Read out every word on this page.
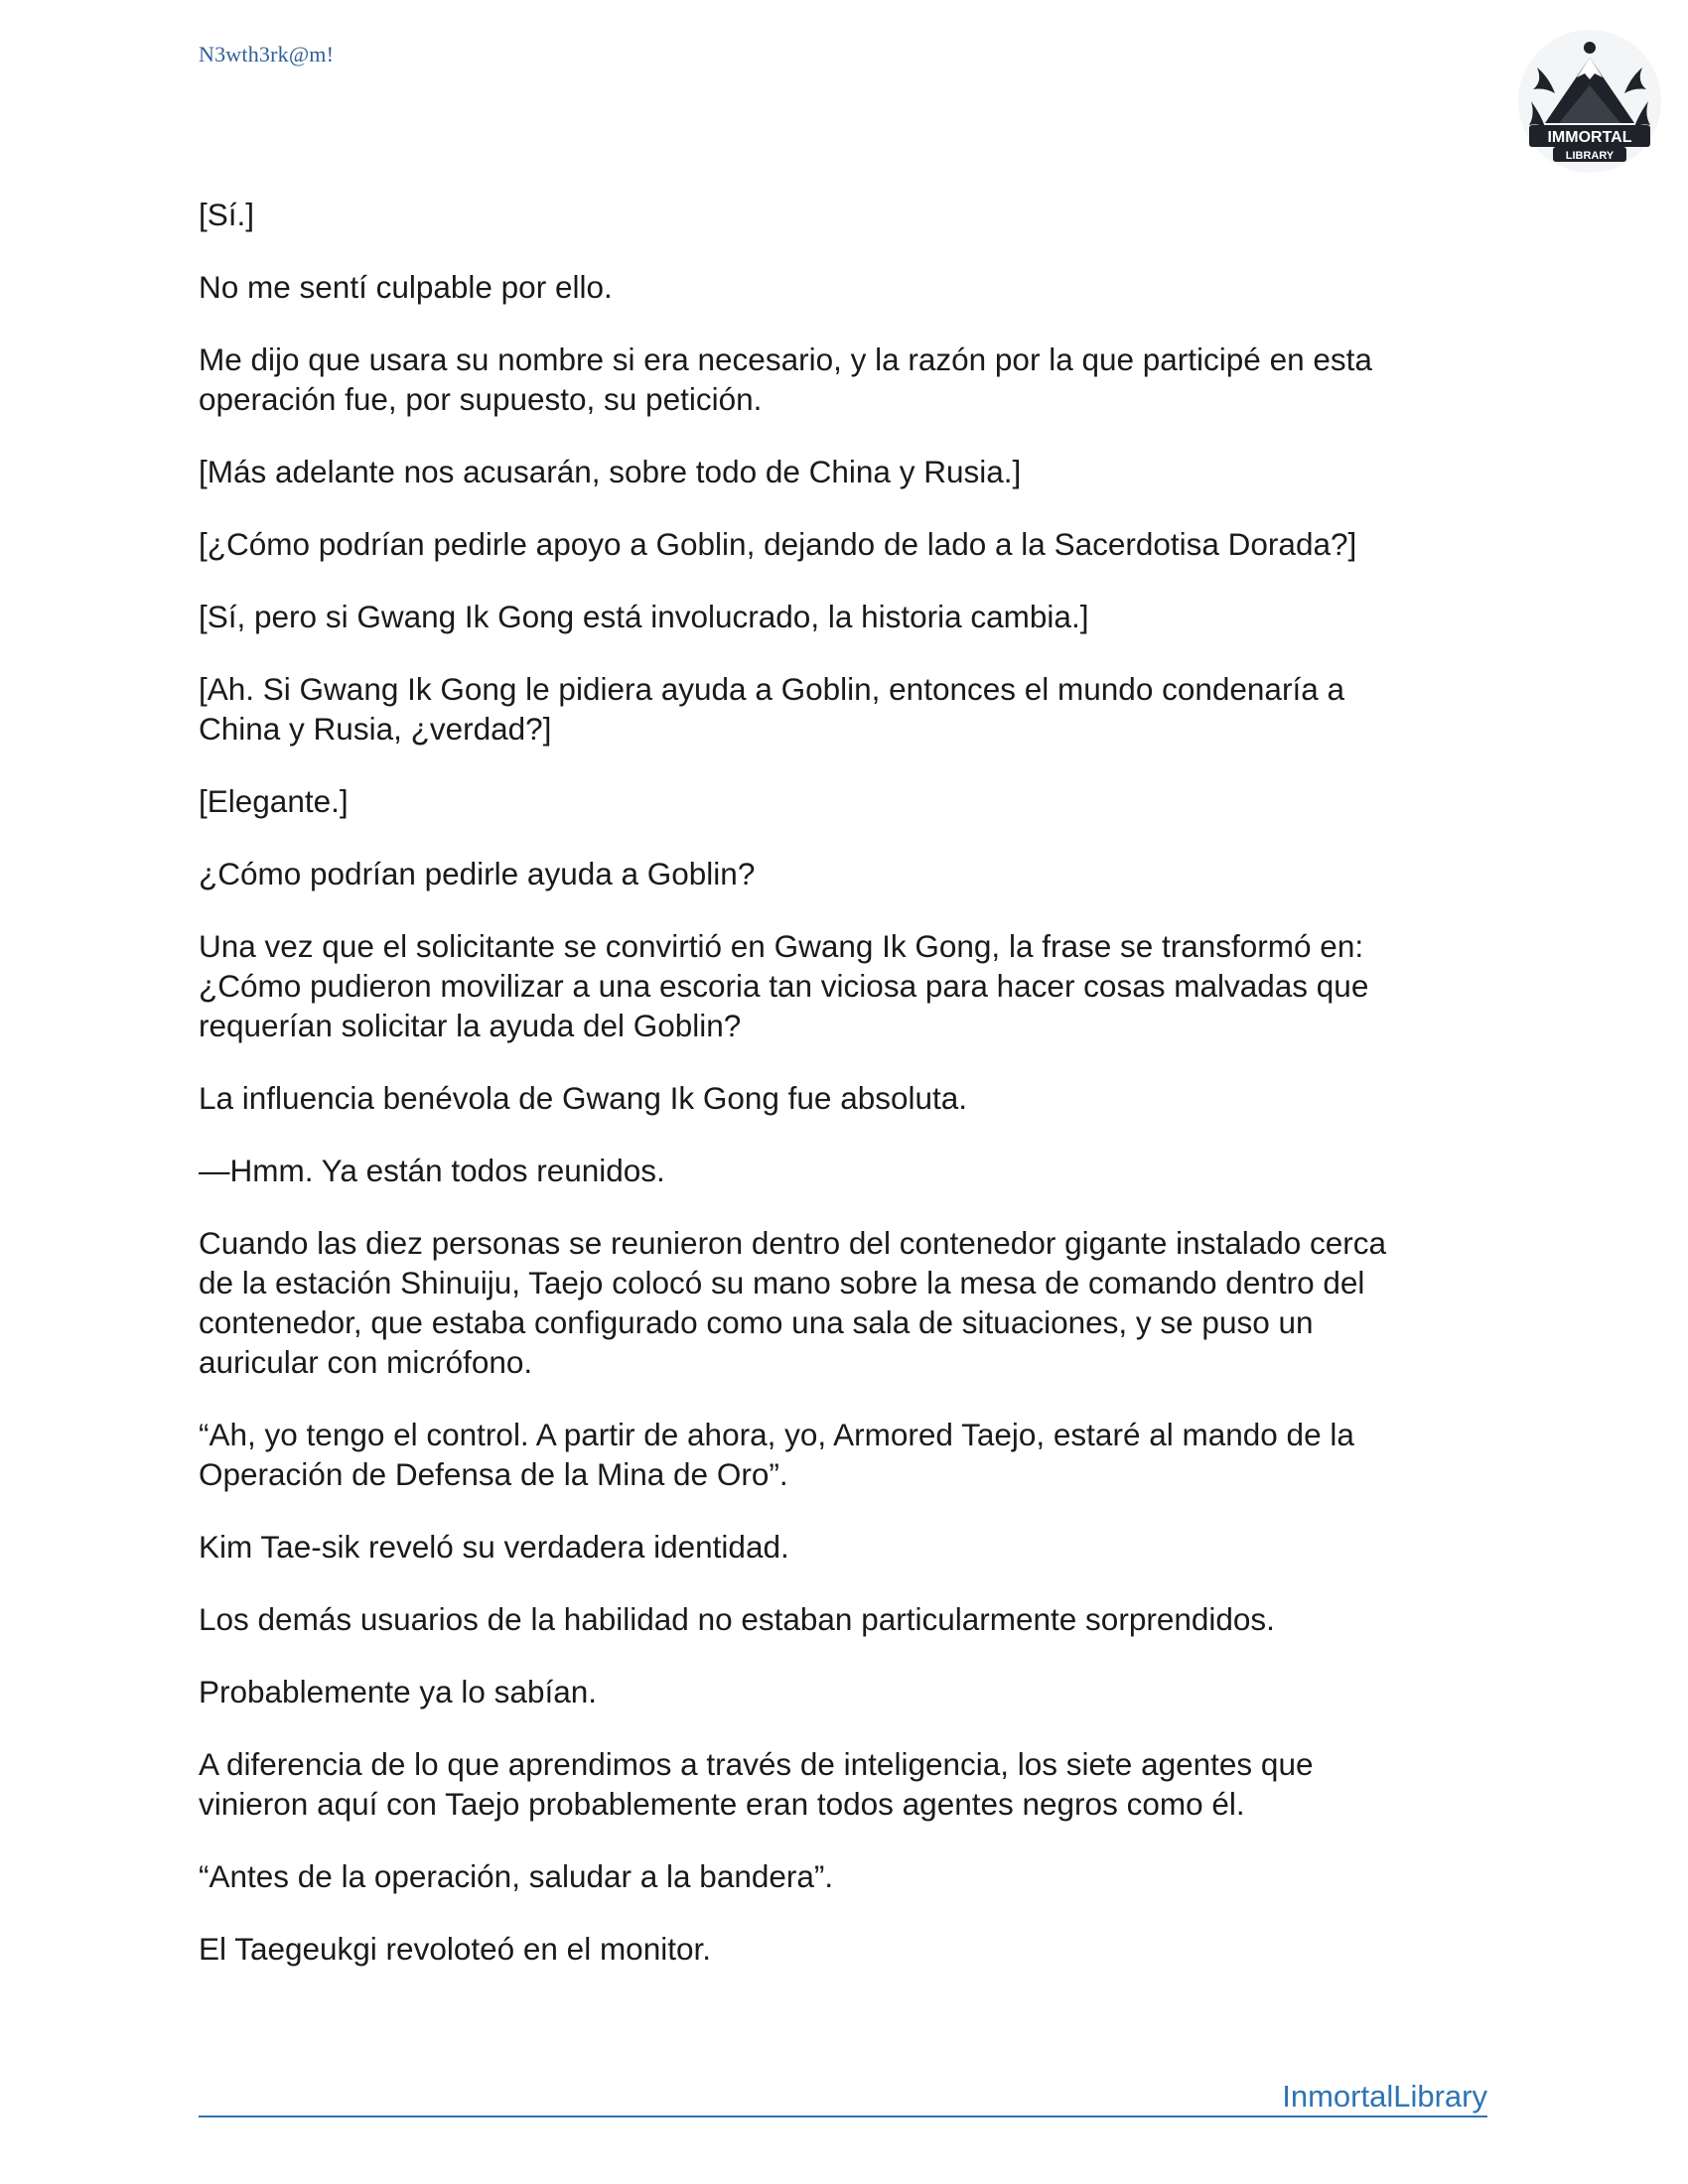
N3wth3rk@m!
IMMORTAL
LIBRARY

[Sí.]

No me sentí culpable por ello.

Me dijo que usara su nombre si era necesario, y la razón por la que participé en esta
operación fue, por supuesto, su petición.

[Más adelante nos acusarán, sobre todo de China y Rusia.]

[¿Cómo podrían pedirle apoyo a Goblin, dejando de lado a la Sacerdotisa Dorada?]

[Sí, pero si Gwang Ik Gong está involucrado, la historia cambia.]

[Ah. Si Gwang Ik Gong le pidiera ayuda a Goblin, entonces el mundo condenaría a
China y Rusia, ¿verdad?]

[Elegante.]

¿Cómo podrían pedirle ayuda a Goblin?

Una vez que el solicitante se convirtió en Gwang Ik Gong, la frase se transformó en:
¿Cómo pudieron movilizar a una escoria tan viciosa para hacer cosas malvadas que
requerían solicitar la ayuda del Goblin?

La influencia benévola de Gwang Ik Gong fue absoluta.

—Hmm. Ya están todos reunidos.

Cuando las diez personas se reunieron dentro del contenedor gigante instalado cerca
de la estación Shinuiju, Taejo colocó su mano sobre la mesa de comando dentro del
contenedor, que estaba configurado como una sala de situaciones, y se puso un
auricular con micrófono.

“Ah, yo tengo el control. A partir de ahora, yo, Armored Taejo, estaré al mando de la
Operación de Defensa de la Mina de Oro”.

Kim Tae-sik reveló su verdadera identidad.

Los demás usuarios de la habilidad no estaban particularmente sorprendidos.

Probablemente ya lo sabían.

A diferencia de lo que aprendimos a través de inteligencia, los siete agentes que
vinieron aquí con Taejo probablemente eran todos agentes negros como él.

“Antes de la operación, saludar a la bandera”.

El Taegeukgi revoloteó en el monitor.

InmortalLibrary
